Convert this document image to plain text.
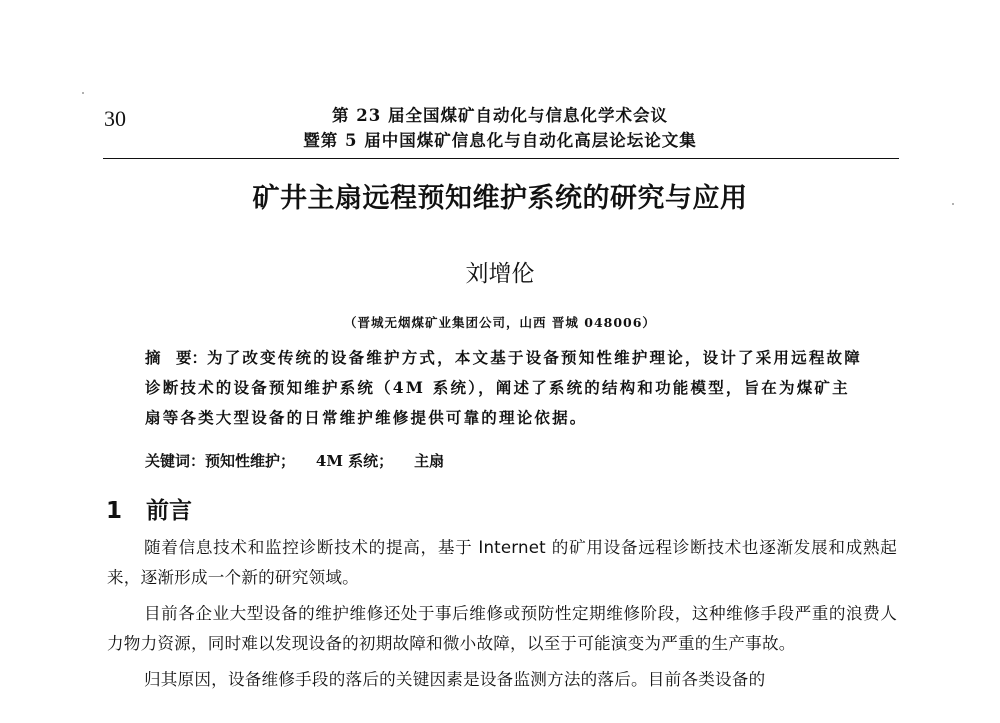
30	第 23 届全国煤矿自动化与信息化学术会议
暨第 5 届中国煤矿信息化与自动化高层论坛论文集
矿井主扇远程预知维护系统的研究与应用
刘增伦
（晋城无烟煤矿业集团公司，山西 晋城 048006）
摘　要：为了改变传统的设备维护方式，本文基于设备预知性维护理论，设计了采用远程故障诊断技术的设备预知维护系统（4M 系统），阐述了系统的结构和功能模型，旨在为煤矿主扇等各类大型设备的日常维护维修提供可靠的理论依据。
关键词：预知性维护； 4M 系统； 主扇
1 前言

随着信息技术和监控诊断技术的提高，基于 Internet 的矿用设备远程诊断技术也逐渐发展和成熟起来，逐渐形成一个新的研究领域。

目前各企业大型设备的维护维修还处于事后维修或预防性定期维修阶段，这种维修手段严重的浪费人力物力资源，同时难以发现设备的初期故障和微小故障，以至于可能演变为严重的生产事故。

归其原因，设备维修手段的落后的关键因素是设备监测方法的落后。目前各类设备的
